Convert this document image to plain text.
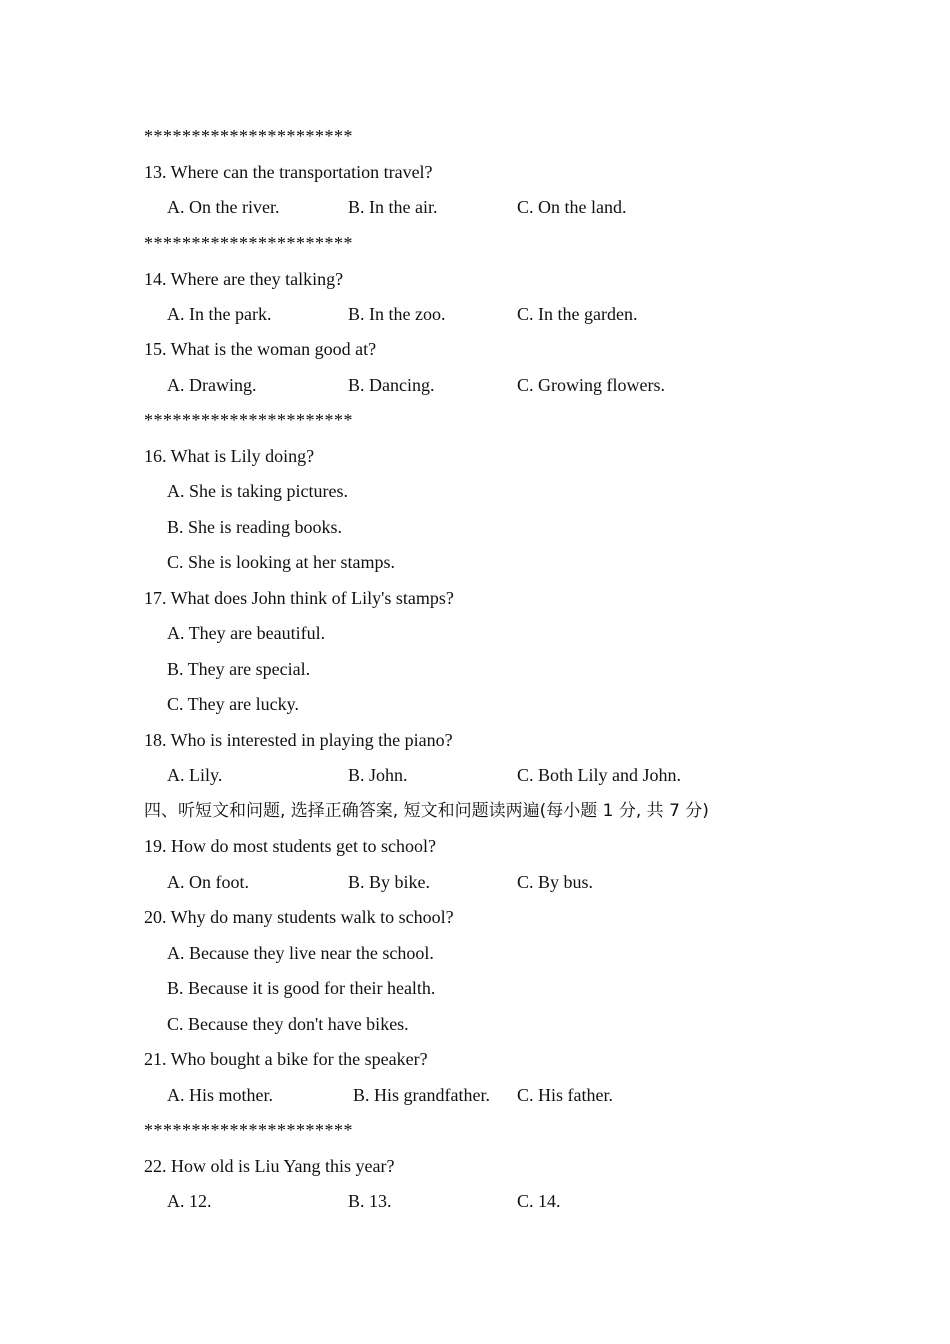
**********************
13. Where can the transportation travel?
A. On the river.	B. In the air.	C. On the land.
**********************
14. Where are they talking?
A. In the park.	B. In the zoo.	C. In the garden.
15. What is the woman good at?
A. Drawing.	B. Dancing.	C. Growing flowers.
**********************
16. What is Lily doing?
A. She is taking pictures.
B. She is reading books.
C. She is looking at her stamps.
17. What does John think of Lily's stamps?
A. They are beautiful.
B. They are special.
C. They are lucky.
18. Who is interested in playing the piano?
A. Lily.	B. John.	C. Both Lily and John.
四、听短文和问题, 选择正确答案, 短文和问题读两遍(每小题 1 分, 共 7 分)
19. How do most students get to school?
A. On foot.	B. By bike.	C. By bus.
20. Why do many students walk to school?
A. Because they live near the school.
B. Because it is good for their health.
C. Because they don't have bikes.
21. Who bought a bike for the speaker?
A. His mother.	B. His grandfather. C. His father.
**********************
22. How old is Liu Yang this year?
A. 12.	B. 13.	C. 14.
